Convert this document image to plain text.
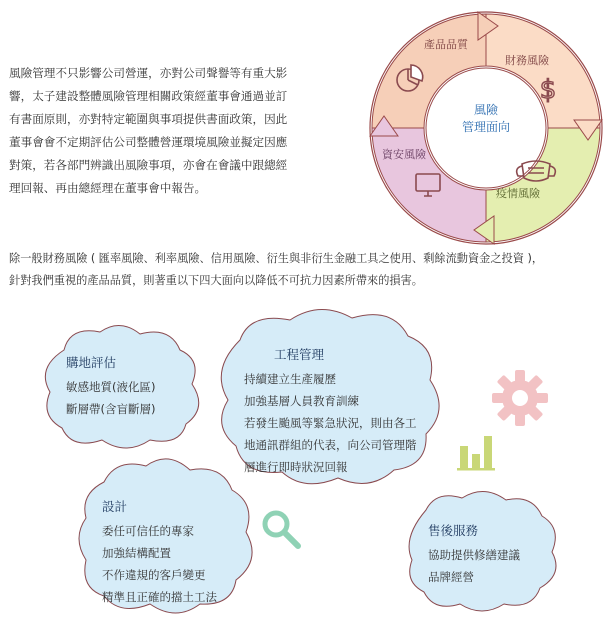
風險管理不只影響公司營運，亦對公司聲譽等有重大影
響，太子建設整體風險管理相關政策經董事會通過並訂
有書面原則，亦對特定範圍與事項提供書面政策，因此
董事會會不定期評估公司整體營運環境風險並擬定因應
對策，若各部門辨識出風險事項，亦會在會議中跟總經
理回報、再由總經理在董事會中報告。
$
產品品質
財務風險
疫情風險
資安風險
風險
管理面向
除一般財務風險 ( 匯率風險、利率風險、信用風險、衍生與非衍生金融工具之使用、剩餘流動資金之投資 )，
針對我們重視的產品品質，則著重以下四大面向以降低不可抗力因素所帶來的損害。
購地評估
敏感地質(液化區)
斷層帶(含盲斷層)
工程管理
持續建立生產履歷
加強基層人員教育訓練
若發生颱風等緊急狀況，則由各工
地通訊群組的代表，向公司管理階
層進行即時狀況回報
設計
委任可信任的專家
加強結構配置
不作違規的客戶變更
精準且正確的擋土工法
售後服務
協助提供修繕建議
品牌經營
